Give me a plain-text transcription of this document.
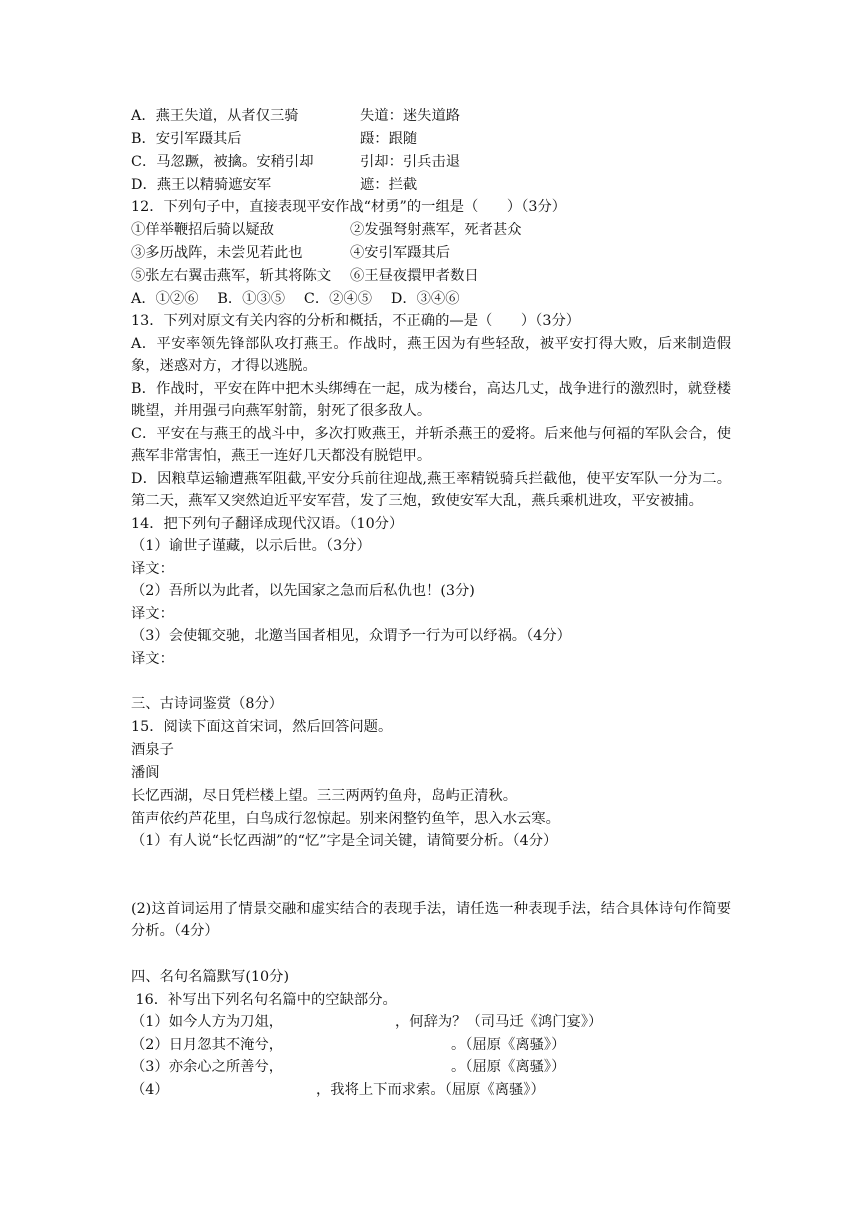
A．燕王失道，从者仅三骑	失道：迷失道路
B．安引军蹑其后	蹑：跟随
C．马忽蹶，被擒。安稍引却	引却：引兵击退
D．燕王以精骑遮安军	遮：拦截
12．下列句子中，直接表现平安作战“材勇”的一组是（　　）（3分）
①佯举鞭招后骑以疑敌	②发强弩射燕军，死者甚众
③多历战阵，未尝见若此也	④安引军蹑其后
⑤张左右翼击燕军，斩其将陈文 ⑥王昼夜擐甲者数日
A．①②⑥　 B．①③⑤　 C．②④⑤　 D．③④⑥
13．下列对原文有关内容的分析和概括，不正确的—是（　　）（3分）
A．平安率领先锋部队攻打燕王。作战时，燕王因为有些轻敌，被平安打得大败，后来制造假象，迷惑对方，才得以逃脱。
B．作战时，平安在阵中把木头绑缚在一起，成为楼台，高达几丈，战争进行的激烈时，就登楼眺望，并用强弓向燕军射箭，射死了很多敌人。
C．平安在与燕王的战斗中，多次打败燕王，并斩杀燕王的爱将。后来他与何福的军队会合，使燕军非常害怕，燕王一连好几天都没有脱铠甲。
D．因粮草运输遭燕军阻截,平安分兵前往迎战,燕王率精锐骑兵拦截他，使平安军队一分为二。第二天，燕军又突然迫近平安军营，发了三炮，致使安军大乱，燕兵乘机进攻，平安被捕。
14．把下列句子翻译成现代汉语。（10分）
（1）谕世子谨藏，以示后世。（3分）
译文：
（2）吾所以为此者，以先国家之急而后私仇也！(3分)
译文：
（3）会使辄交驰，北邀当国者相见，众谓予一行为可以纾祸。（4分）
译文：
三、古诗词鉴赏（8分）
15．阅读下面这首宋词，然后回答问题。
酒泉子
潘阆
长忆西湖，尽日凭栏楼上望。三三两两钓鱼舟，岛屿正清秋。
笛声依约芦花里，白鸟成行忽惊起。别来闲整钓鱼竿，思入水云寒。
（1）有人说“长忆西湖”的“忆”字是全词关键，请简要分析。（4分）
(2)这首词运用了情景交融和虚实结合的表现手法，请任选一种表现手法，结合具体诗句作简要分析。（4分）
四、名句名篇默写(10分)
16．补写出下列名句名篇中的空缺部分。
（1）如今人方为刀俎，	，何辞为？（司马迁《鸿门宴》）
（2）日月忽其不淹兮，	。（屈原《离骚》）
（3）亦余心之所善兮，	。（屈原《离骚》）
（4）	，我将上下而求索。（屈原《离骚》）
